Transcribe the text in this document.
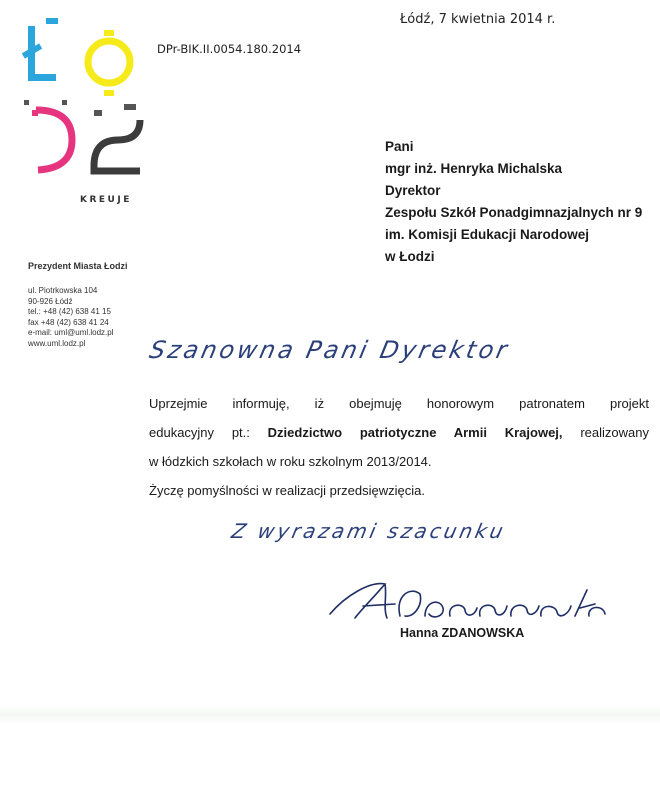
KREUJE
DPr-BIK.II.0054.180.2014
Łódź, 7 kwietnia 2014 r.
Pani
mgr inż. Henryka Michalska
Dyrektor
Zespołu Szkół Ponadgimnazjalnych nr 9
im. Komisji Edukacji Narodowej
w Łodzi
Prezydent Miasta Łodzi
ul. Piotrkowska 104
90-926 Łódź
tel.: +48 (42) 638 41 15
fax +48 (42) 638 41 24
e-mail: uml@uml.lodz.pl
www.uml.lodz.pl	Szanowna Pani Dyrektor
Uprzejmie informuję, iż obejmuję honorowym patronatem projekt
edukacyjny pt.: Dziedzictwo patriotyczne Armii Krajowej, realizowany
w łódzkich szkołach w roku szkolnym 2013/2014.
Życzę pomyślności w realizacji przedsięwzięcia.
Z wyrazami szacunku
Hanna ZDANOWSKA
